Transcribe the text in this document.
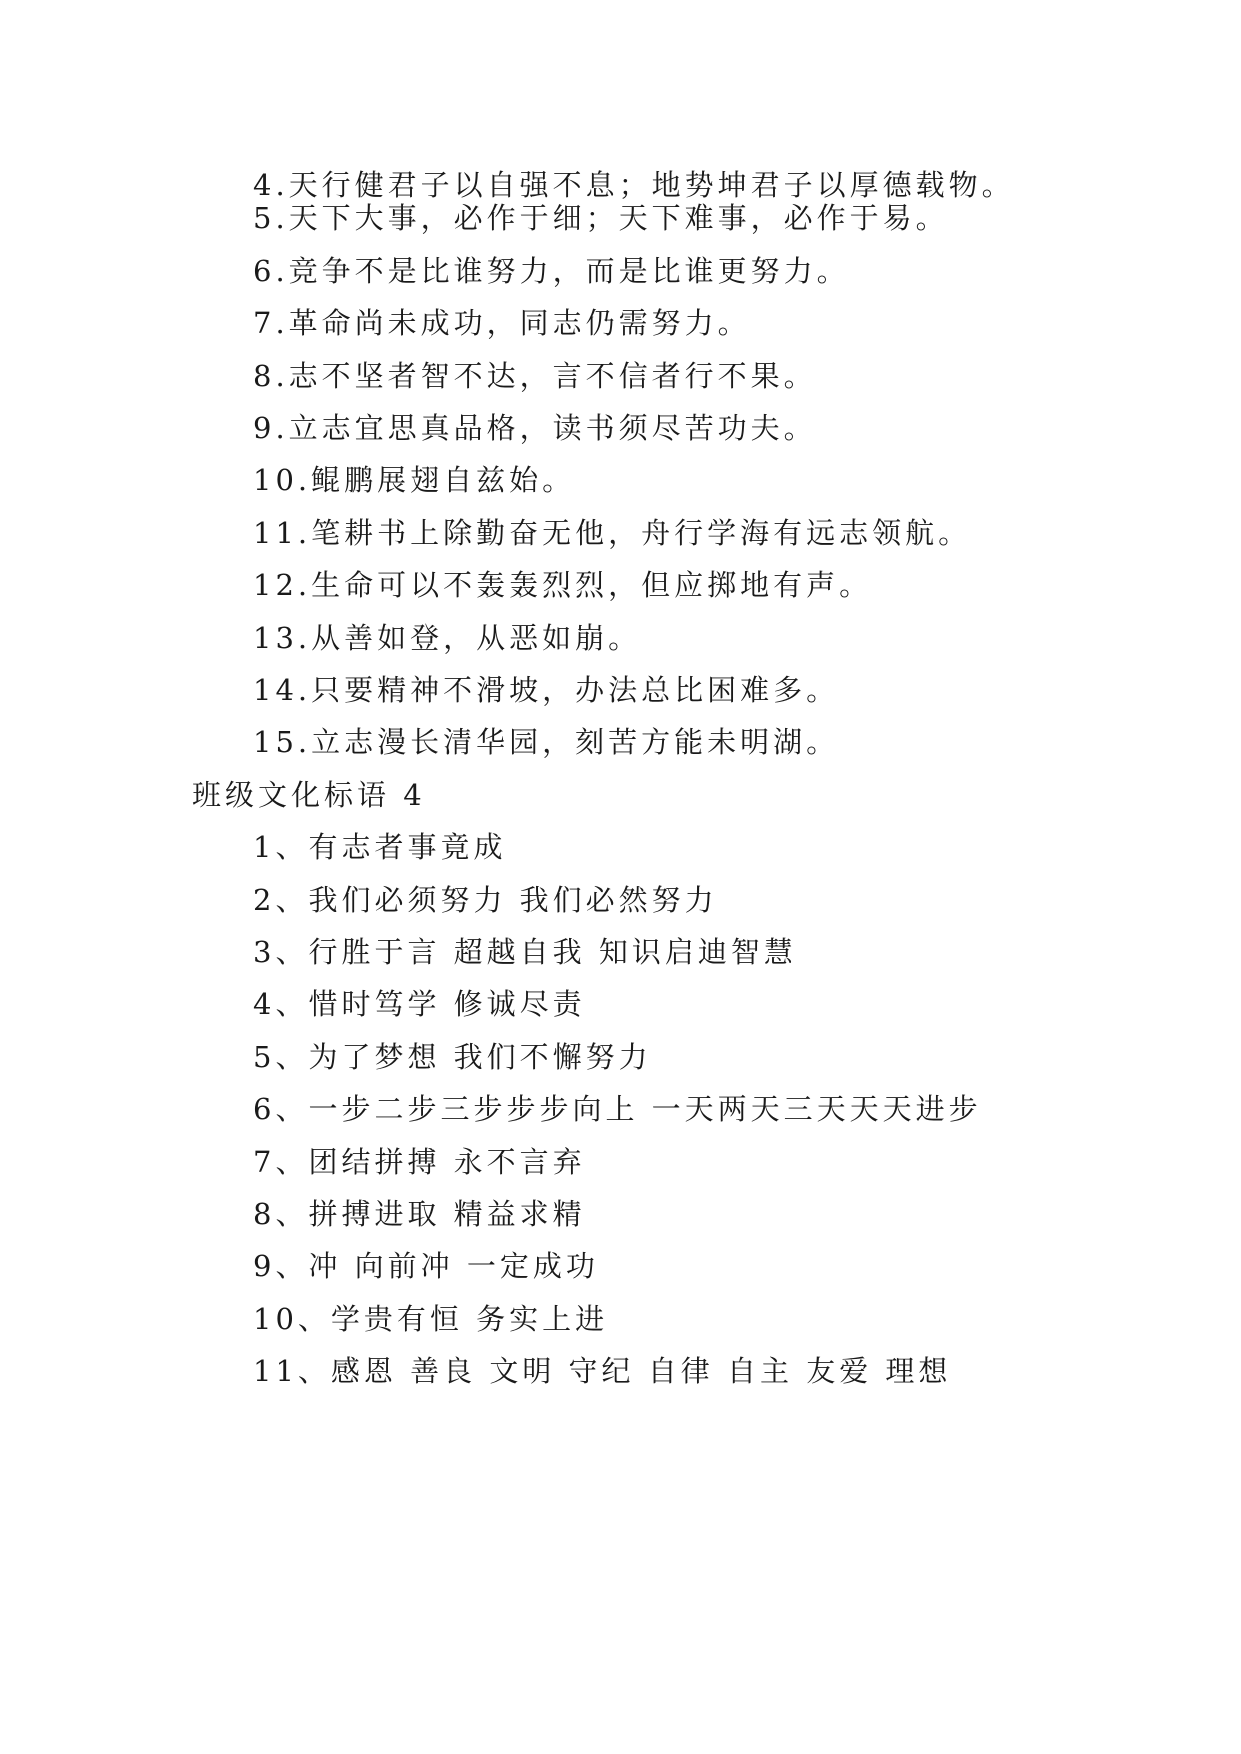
4.天行健君子以自强不息；地势坤君子以厚德载物。
5.天下大事，必作于细；天下难事，必作于易。
6.竞争不是比谁努力，而是比谁更努力。
7.革命尚未成功，同志仍需努力。
8.志不坚者智不达，言不信者行不果。
9.立志宜思真品格，读书须尽苦功夫。
10.鲲鹏展翅自兹始。
11.笔耕书上除勤奋无他，舟行学海有远志领航。
12.生命可以不轰轰烈烈，但应掷地有声。
13.从善如登，从恶如崩。
14.只要精神不滑坡，办法总比困难多。
15.立志漫长清华园，刻苦方能未明湖。
班级文化标语 4
1、有志者事竟成
2、我们必须努力 我们必然努力
3、行胜于言 超越自我 知识启迪智慧
4、惜时笃学 修诚尽责
5、为了梦想 我们不懈努力
6、一步二步三步步步向上 一天两天三天天天进步
7、团结拼搏 永不言弃
8、拼搏进取 精益求精
9、冲 向前冲 一定成功
10、学贵有恒 务实上进
11、感恩 善良 文明 守纪 自律 自主 友爱 理想
